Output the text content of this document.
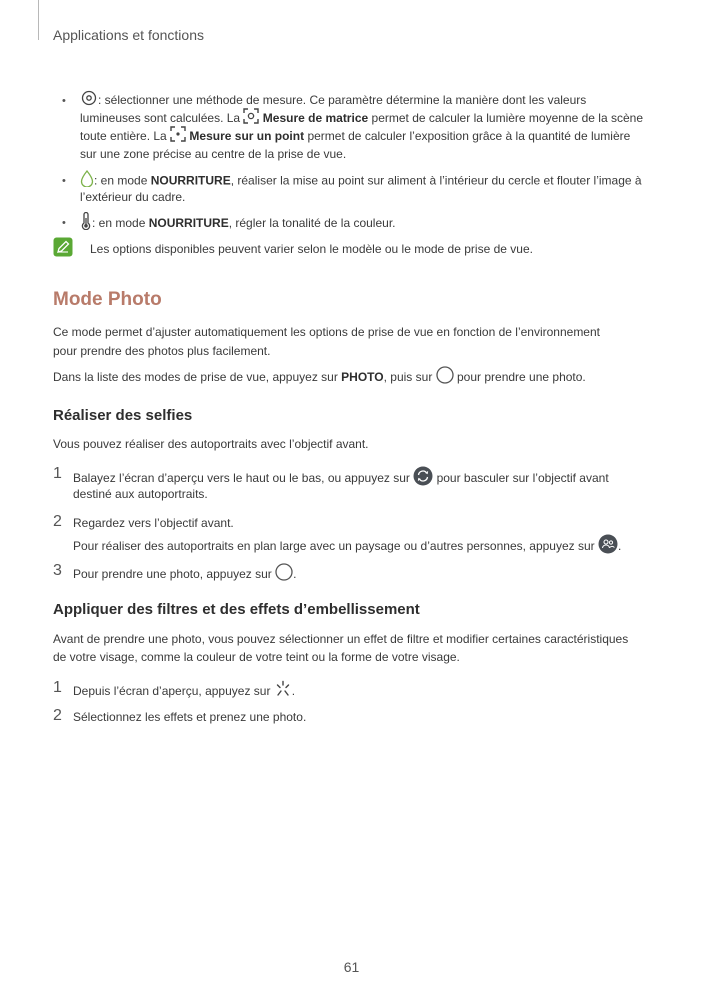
Applications et fonctions
•	: sélectionner une méthode de mesure. Ce paramètre détermine la manière dont les valeurs
lumineuses sont calculées. La Mesure de matrice permet de calculer la lumière moyenne de la scène
toute entière. La Mesure sur un point permet de calculer l’exposition grâce à la quantité de lumière
sur une zone précise au centre de la prise de vue.
•	: en mode NOURRITURE, réaliser la mise au point sur aliment à l’intérieur du cercle et flouter l’image à
l’extérieur du cadre.
•	: en mode NOURRITURE, régler la tonalité de la couleur.
Les options disponibles peuvent varier selon le modèle ou le mode de prise de vue.
Mode Photo
Ce mode permet d’ajuster automatiquement les options de prise de vue en fonction de l’environnement
pour prendre des photos plus facilement.
Dans la liste des modes de prise de vue, appuyez sur PHOTO, puis sur pour prendre une photo.
Réaliser des selfies
Vous pouvez réaliser des autoportraits avec l’objectif avant.
1 Balayez l’écran d’aperçu vers le haut ou le bas, ou appuyez sur pour basculer sur l’objectif avant
destiné aux autoportraits.
2 Regardez vers l’objectif avant.
Pour réaliser des autoportraits en plan large avec un paysage ou d’autres personnes, appuyez sur .
3 Pour prendre une photo, appuyez sur .
Appliquer des filtres et des effets d’embellissement
Avant de prendre une photo, vous pouvez sélectionner un effet de filtre et modifier certaines caractéristiques
de votre visage, comme la couleur de votre teint ou la forme de votre visage.
1 Depuis l’écran d’aperçu, appuyez sur .
2 Sélectionnez les effets et prenez une photo.
61
